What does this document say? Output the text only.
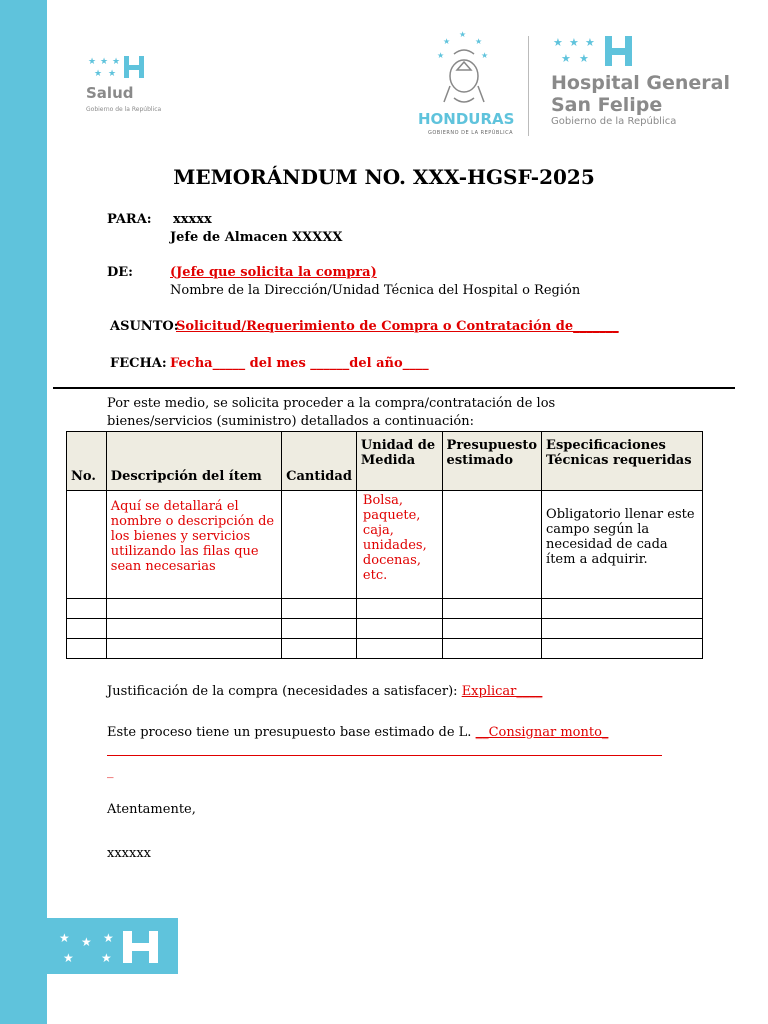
★ ★ ★
★ ★
Salud
Gobierno de la República
★
★	★
★	★
HONDURAS
GOBIERNO DE LA REPÚBLICA
★ ★ ★
★ ★
Hospital General
San Felipe
Gobierno de la República
MEMORÁNDUM NO. XXX-HGSF-2025
PARA: xxxxx
Jefe de Almacen XXXXX
DE:	(Jefe que solicita la compra)
Nombre de la Dirección/Unidad Técnica del Hospital o Región
ASUNTO:
Solicitud/Requerimiento de Compra o Contratación de_______
FECHA: Fecha_____ del mes ______del año____
Por este medio, se solicita proceder a la compra/contratación de los
bienes/servicios (suministro) detallados a continuación:
No.	Descripción del ítem	Cantidad	Unidad de Medida	Presupuesto estimado	Especificaciones Técnicas requeridas
	Aquí se detallará el nombre o descripción de los bienes y servicios utilizando las filas que sean necesarias		Bolsa, paquete, caja, unidades, docenas, etc.		Obligatorio llenar este campo según la necesidad de cada ítem a adquirir.

Justificación de la compra (necesidades a satisfacer): Explicar____
Este proceso tiene un presupuesto base estimado de L. __Consignar monto_
_
Atentamente,
xxxxxx
★ ★ ★
★ ★
